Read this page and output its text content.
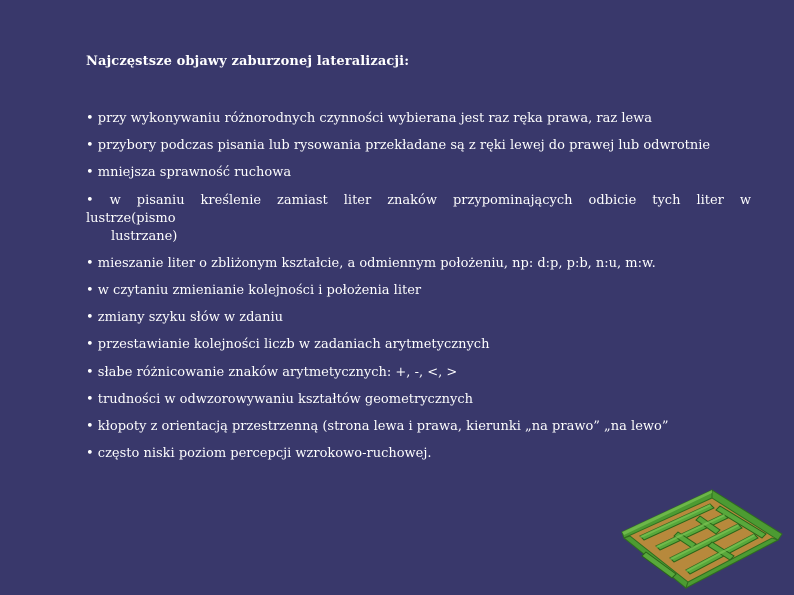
Najczęstsze objawy zaburzonej lateralizacji:
• przy wykonywaniu różnorodnych czynności wybierana jest raz ręka prawa, raz lewa
• przybory podczas pisania lub rysowania przekładane są z ręki lewej do prawej lub odwrotnie
• mniejsza sprawność ruchowa
• w pisaniu kreślenie zamiast liter znaków przypominających odbicie tych liter w lustrze(pismo
lustrzane)
• mieszanie liter o zbliżonym kształcie, a odmiennym położeniu, np: d:p, p:b, n:u, m:w.
• w czytaniu zmienianie kolejności i położenia liter
• zmiany szyku słów w zdaniu
• przestawianie kolejności liczb w zadaniach arytmetycznych
• słabe różnicowanie znaków arytmetycznych: +, -, <, >
• trudności w odwzorowywaniu kształtów geometrycznych
• kłopoty z orientacją przestrzenną (strona lewa i prawa, kierunki „na prawo” „na lewo”
• często niski poziom percepcji wzrokowo-ruchowej.
